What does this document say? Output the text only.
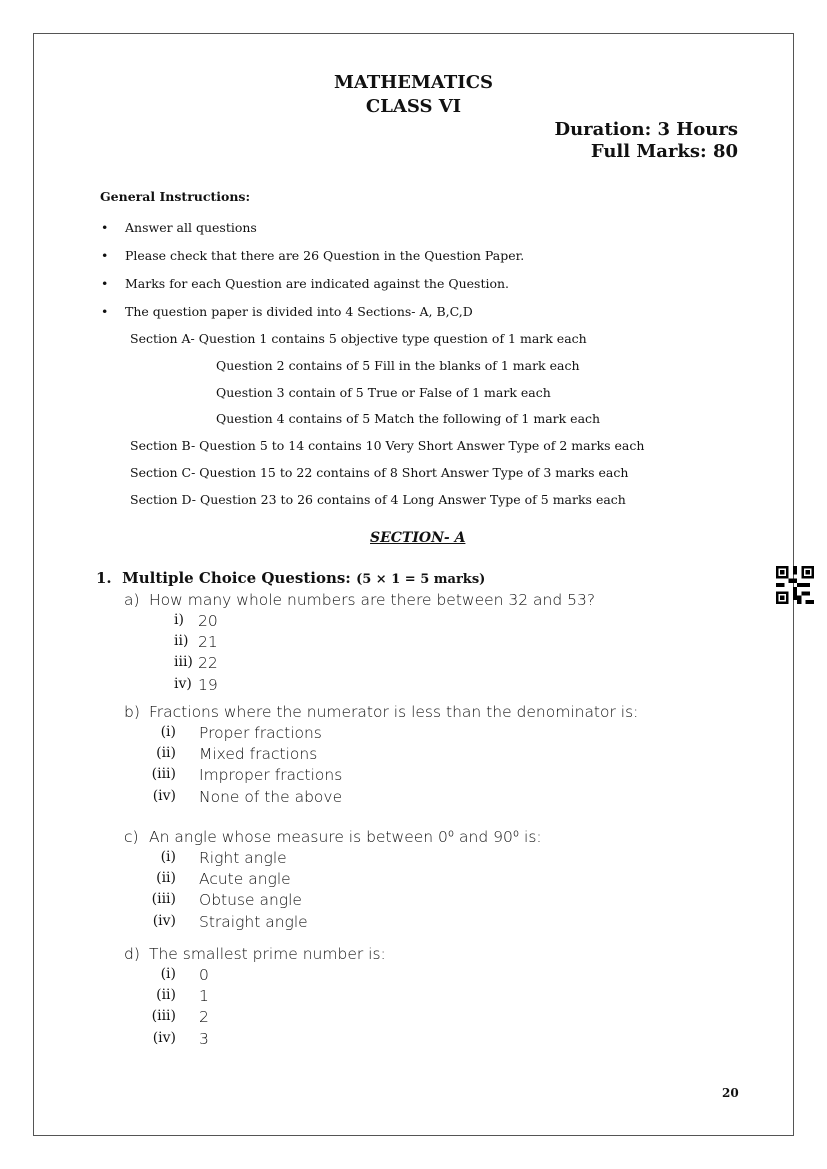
MATHEMATICS
CLASS VI
Duration: 3 Hours
Full Marks: 80
General Instructions:
• Answer all questions
• Please check that there are 26 Question in the Question Paper.
• Marks for each Question are indicated against the Question.
• The question paper is divided into 4 Sections- A, B,C,D
Section A- Question 1 contains 5 objective type question of 1 mark each
Question 2 contains of 5 Fill in the blanks of 1 mark each
Question 3 contain of 5 True or False of 1 mark each
Question 4 contains of 5 Match the following of 1 mark each
Section B- Question 5 to 14 contains 10 Very Short Answer Type of 2 marks each
Section C- Question 15 to 22 contains of 8 Short Answer Type of 3 marks each
Section D- Question 23 to 26 contains of 4 Long Answer Type of 5 marks each
SECTION- A
1. Multiple Choice Questions: (5 × 1 = 5 marks)
a) How many whole numbers are there between 32 and 53?
i) 20
ii) 21
iii) 22
iv) 19
b) Fractions where the numerator is less than the denominator is:
(i) Proper fractions
(ii) Mixed fractions
(iii) Improper fractions
(iv) None of the above
c) An angle whose measure is between 0⁰ and 90⁰ is:
(i) Right angle
(ii) Acute angle
(iii) Obtuse angle
(iv) Straight angle
d) The smallest prime number is:
(i) 0
(ii) 1
(iii) 2
(iv) 3
20
